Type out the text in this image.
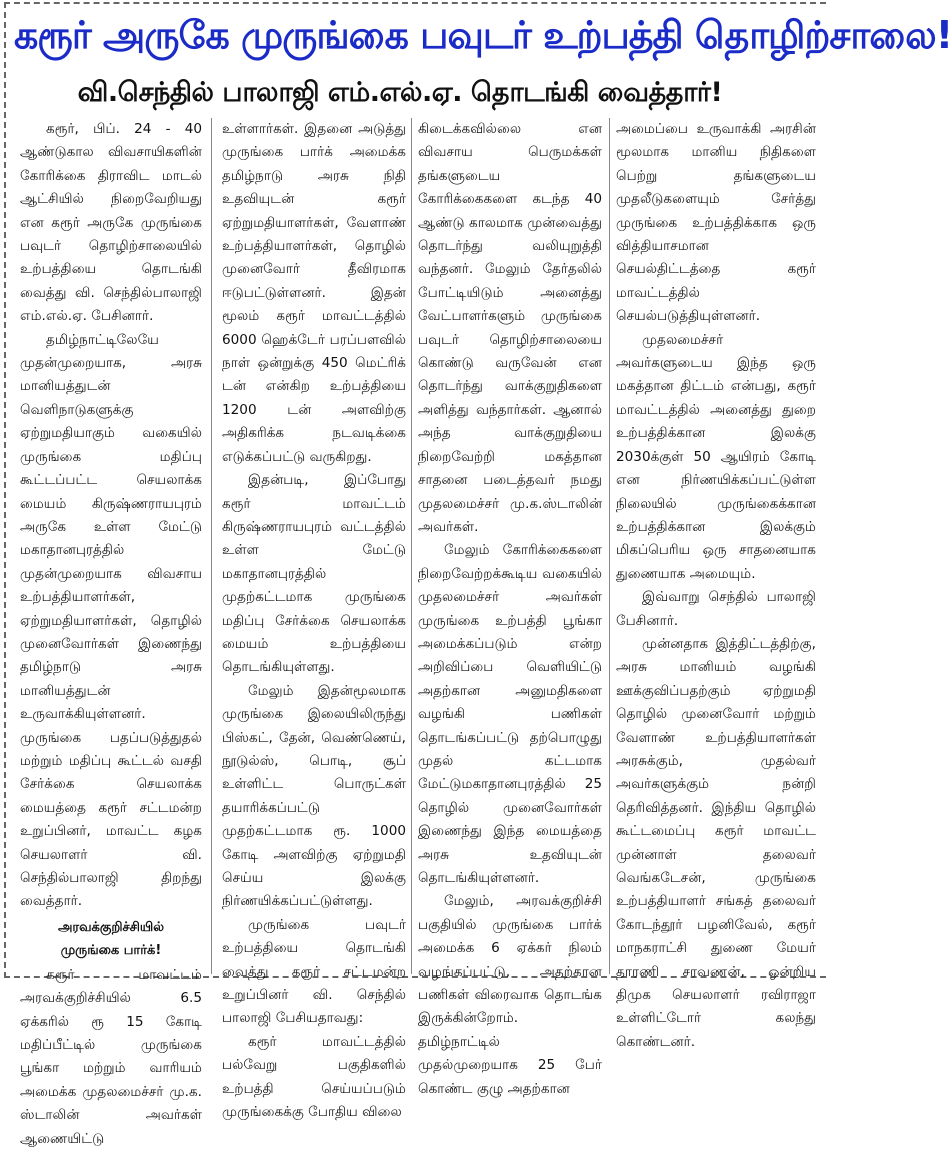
கரூர் அருகே முருங்கை பவுடர் உற்பத்தி தொழிற்சாலை!
வி.செந்தில் பாலாஜி எம்.எல்.ஏ. தொடங்கி வைத்தார்!

கரூர், பிப். 24 - 40 ஆண்டுகால விவசாயிகளின் கோரிக்கை திராவிட மாடல் ஆட்சியில் நிறைவேறியது என கரூர் அருகே முருங்கை பவுடர் தொழிற்சாலையில் உற்பத்தியை தொடங்கி வைத்து வி. செந்தில்பாலாஜி எம்.எல்.ஏ. பேசினார்.

தமிழ்நாட்டிலேயே முதன்முறையாக, அரசு மானியத்துடன் வெளிநாடுகளுக்கு ஏற்றுமதியாகும் வகையில் முருங்கை மதிப்பு கூட்டப்பட்ட செயலாக்க மையம் கிருஷ்ணராயபுரம் அருகே உள்ள மேட்டு மகாதானபுரத்தில் முதன்முறையாக விவசாய உற்பத்தியாளர்கள், ஏற்றுமதியாளர்கள், தொழில் முனைவோர்கள் இணைந்து தமிழ்நாடு அரசு மானியத்துடன் உருவாக்கியுள்ளனர். முருங்கை பதப்படுத்துதல் மற்றும் மதிப்பு கூட்டல் வசதி சேர்க்கை செயலாக்க மையத்தை கரூர் சட்டமன்ற உறுப்பினர், மாவட்ட கழக செயலாளர் வி. செந்தில்பாலாஜி திறந்து வைத்தார்.

அரவக்குறிச்சியில்
முருங்கை பார்க்!

கரூர் மாவட்டம் அரவக்குறிச்சியில் 6.5 ஏக்கரில் ரூ 15 கோடி மதிப்பீட்டில் முருங்கை பூங்கா மற்றும் வாரியம் அமைக்க முதலமைச்சர் மு.க. ஸ்டாலின் அவர்கள் ஆணையிட்டு

உள்ளார்கள். இதனை அடுத்து முருங்கை பார்க் அமைக்க தமிழ்நாடு அரசு நிதி உதவியுடன் கரூர் ஏற்றுமதியாளர்கள், வேளாண் உற்பத்தியாளர்கள், தொழில் முனைவோர் தீவிரமாக ஈடுபட்டுள்ளனர். இதன் மூலம் கரூர் மாவட்டத்தில் 6000 ஹெக்டேர் பரப்பளவில் நாள் ஒன்றுக்கு 450 மெட்ரிக் டன் என்கிற உற்பத்தியை 1200 டன் அளவிற்கு அதிகரிக்க நடவடிக்கை எடுக்கப்பட்டு வருகிறது.

இதன்படி, இப்போது கரூர் மாவட்டம் கிருஷ்ணராயபுரம் வட்டத்தில் உள்ள மேட்டு மகாதானபுரத்தில் முதற்கட்டமாக முருங்கை மதிப்பு சேர்க்கை செயலாக்க மையம் உற்பத்தியை தொடங்கியுள்ளது.

மேலும் இதன்மூலமாக முருங்கை இலையிலிருந்து பிஸ்கட், தேன், வெண்ணெய், நூடுல்ஸ், பொடி, சூப் உள்ளிட்ட பொருட்கள் தயாரிக்கப்பட்டு முதற்கட்டமாக ரூ. 1000 கோடி அளவிற்கு ஏற்றுமதி செய்ய இலக்கு நிர்ணயிக்கப்பட்டுள்ளது.

முருங்கை பவுடர் உற்பத்தியை தொடங்கி வைத்து கரூர் சட்டமன்ற உறுப்பினர் வி. செந்தில் பாலாஜி பேசியதாவது:

கரூர் மாவட்டத்தில் பல்வேறு பகுதிகளில் உற்பத்தி செய்யப்படும் முருங்கைக்கு போதிய விலை

கிடைக்கவில்லை என விவசாய பெருமக்கள் தங்களுடைய கோரிக்கைகளை கடந்த 40 ஆண்டு காலமாக முன்வைத்து தொடர்ந்து வலியுறுத்தி வந்தனர். மேலும் தேர்தலில் போட்டியிடும் அனைத்து வேட்பாளர்களும் முருங்கை பவுடர் தொழிற்சாலையை கொண்டு வருவேன் என தொடர்ந்து வாக்குறுதிகளை அளித்து வந்தார்கள். ஆனால் அந்த வாக்குறுதியை நிறைவேற்றி மகத்தான சாதனை படைத்தவர் நமது முதலமைச்சர் மு.க.ஸ்டாலின் அவர்கள்.

மேலும் கோரிக்கைகளை நிறைவேற்றக்கூடிய வகையில் முதலமைச்சர் அவர்கள் முருங்கை உற்பத்தி பூங்கா அமைக்கப்படும் என்ற அறிவிப்பை வெளியிட்டு அதற்கான அனுமதிகளை வழங்கி பணிகள் தொடங்கப்பட்டு தற்பொழுது முதல் கட்டமாக மேட்டுமகாதானபுரத்தில் 25 தொழில் முனைவோர்கள் இணைந்து இந்த மையத்தை அரசு உதவியுடன் தொடங்கியுள்ளனர்.

மேலும், அரவக்குறிச்சி பகுதியில் முருங்கை பார்க் அமைக்க 6 ஏக்கர் நிலம் வழங்கப்பட்டு, அதற்கான பணிகள் விரைவாக தொடங்க இருக்கின்றோம். தமிழ்நாட்டில் முதல்முறையாக 25 பேர் கொண்ட குழு அதற்கான

அமைப்பை உருவாக்கி அரசின் மூலமாக மானிய நிதிகளை பெற்று தங்களுடைய முதலீடுகளையும் சேர்த்து முருங்கை உற்பத்திக்காக ஒரு வித்தியாசமான செயல்திட்டத்தை கரூர் மாவட்டத்தில் செயல்படுத்தியுள்ளனர்.

முதலமைச்சர் அவர்களுடைய இந்த ஒரு மகத்தான திட்டம் என்பது, கரூர் மாவட்டத்தில் அனைத்து துறை உற்பத்திக்கான இலக்கு 2030க்குள் 50 ஆயிரம் கோடி என நிர்ணயிக்கப்பட்டுள்ள நிலையில் முருங்கைக்கான உற்பத்திக்கான இலக்கும் மிகப்பெரிய ஒரு சாதனையாக துணையாக அமையும்.

இவ்வாறு செந்தில் பாலாஜி பேசினார்.

முன்னதாக இத்திட்டத்திற்கு, அரசு மானியம் வழங்கி ஊக்குவிப்பதற்கும் ஏற்றுமதி தொழில் முனைவோர் மற்றும் வேளாண் உற்பத்தியாளர்கள் அரசுக்கும், முதல்வர் அவர்களுக்கும் நன்றி தெரிவித்தனர். இந்திய தொழில் கூட்டமைப்பு கரூர் மாவட்ட முன்னாள் தலைவர் வெங்கடேசன், முருங்கை உற்பத்தியாளர் சங்கத் தலைவர் கோடந்தூர் பழனிவேல், கரூர் மாநகராட்சி துணை மேயர் தாரணி சரவணன், ஒன்றிய திமுக செயலாளர் ரவிராஜா உள்ளிட்டோர் கலந்து கொண்டனர்.
